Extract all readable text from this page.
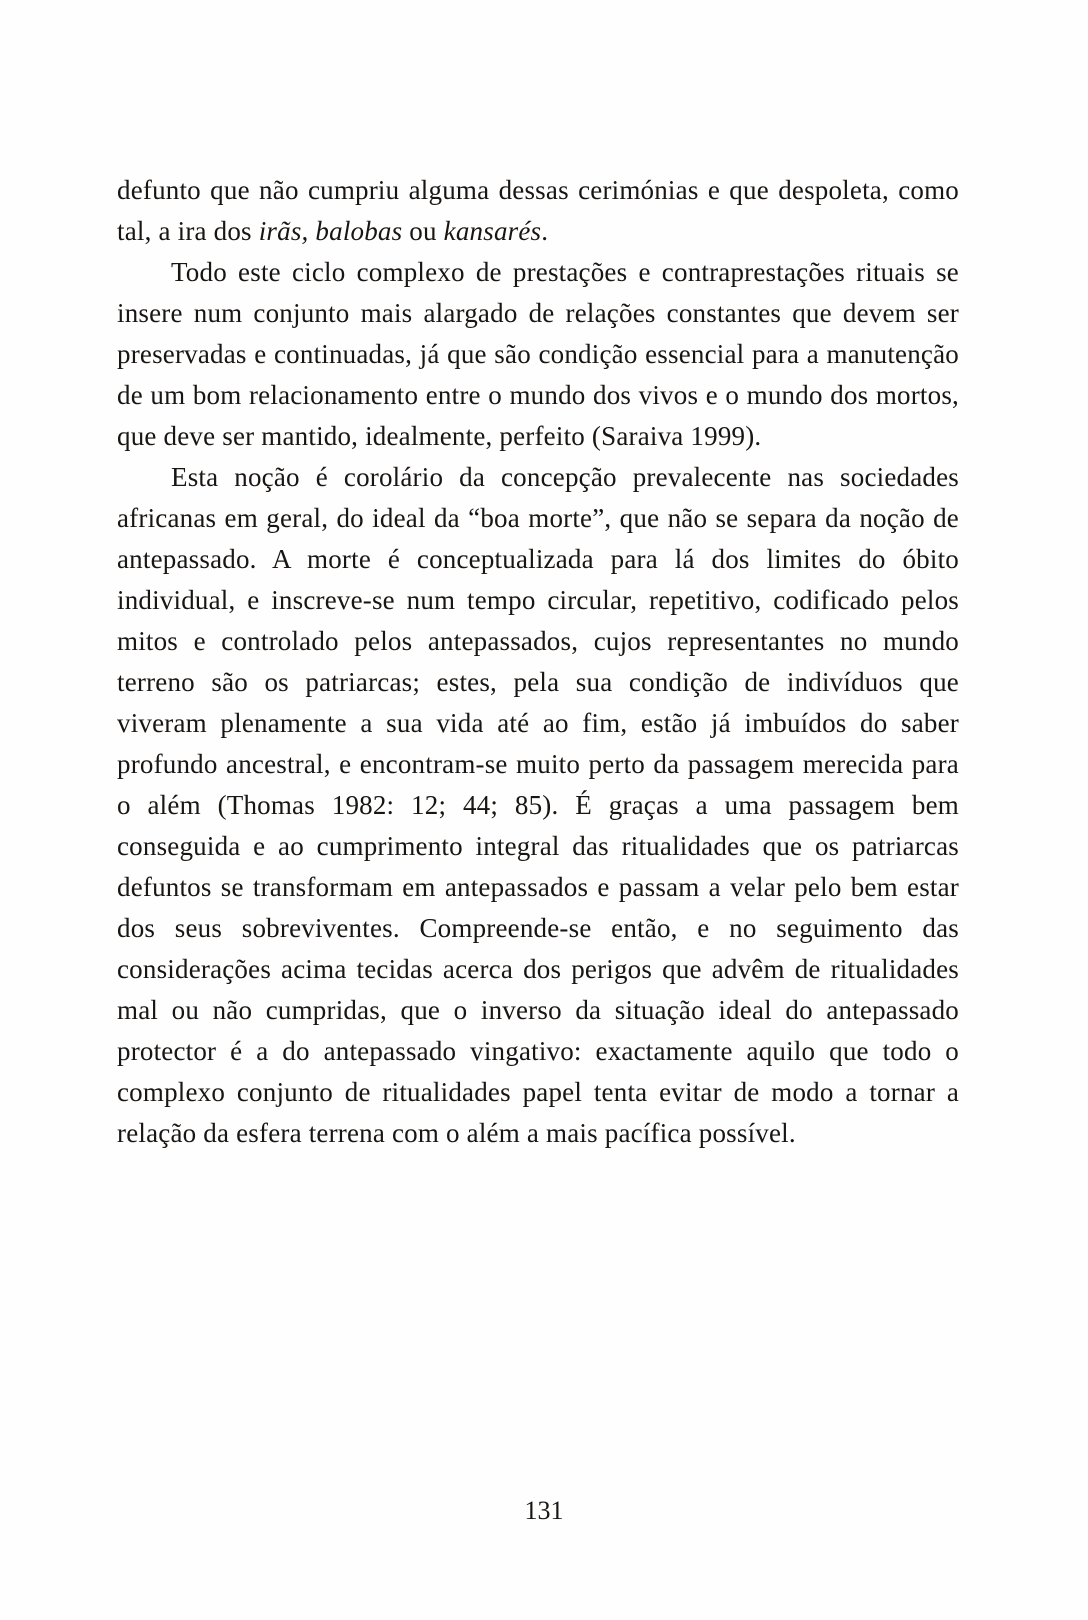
defunto que não cumpriu alguma dessas cerimónias e que despoleta, como tal, a ira dos irãs, balobas ou kansarés.

Todo este ciclo complexo de prestações e contraprestações rituais se insere num conjunto mais alargado de relações constantes que devem ser preservadas e continuadas, já que são condição essencial para a manutenção de um bom relacionamento entre o mundo dos vivos e o mundo dos mortos, que deve ser mantido, idealmente, perfeito (Saraiva 1999).

Esta noção é corolário da concepção prevalecente nas sociedades africanas em geral, do ideal da “boa morte”, que não se separa da noção de antepassado. A morte é conceptualizada para lá dos limites do óbito individual, e inscreve-se num tempo circular, repetitivo, codificado pelos mitos e controlado pelos antepassados, cujos representantes no mundo terreno são os patriarcas; estes, pela sua condição de indivíduos que viveram plenamente a sua vida até ao fim, estão já imbuídos do saber profundo ancestral, e encontram-se muito perto da passagem merecida para o além (Thomas 1982: 12; 44; 85). É graças a uma passagem bem conseguida e ao cumprimento integral das ritualidades que os patriarcas defuntos se transformam em antepassados e passam a velar pelo bem estar dos seus sobreviventes. Compreende-se então, e no seguimento das considerações acima tecidas acerca dos perigos que advêm de ritualidades mal ou não cumpridas, que o inverso da situação ideal do antepassado protector é a do antepassado vingativo: exactamente aquilo que todo o complexo conjunto de ritualidades papel tenta evitar de modo a tornar a relação da esfera terrena com o além a mais pacífica possível.

131
